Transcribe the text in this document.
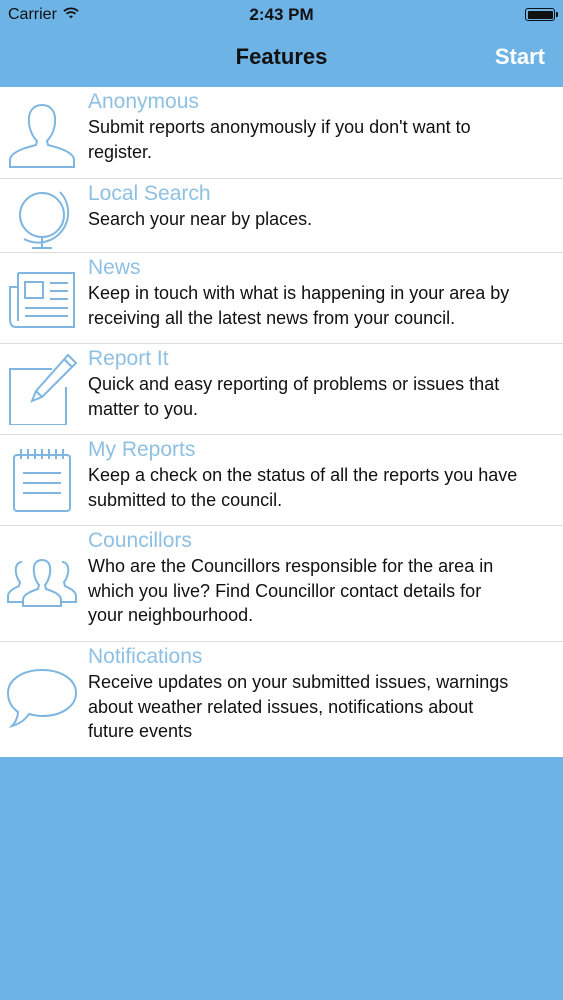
Carrier	2:43 PM
Features	Start
Anonymous
Submit reports anonymously if you don't want to
register.
Local Search
Search your near by places.
News
Keep in touch with what is happening in your area by
receiving all the latest news from your council.
Report It
Quick and easy reporting of problems or issues that
matter to you.
My Reports
Keep a check on the status of all the reports you have
submitted to the council.
Councillors
Who are the Councillors responsible for the area in
which you live? Find Councillor contact details for
your neighbourhood.
Notifications
Receive updates on your submitted issues, warnings
about weather related issues, notifications about
future events
